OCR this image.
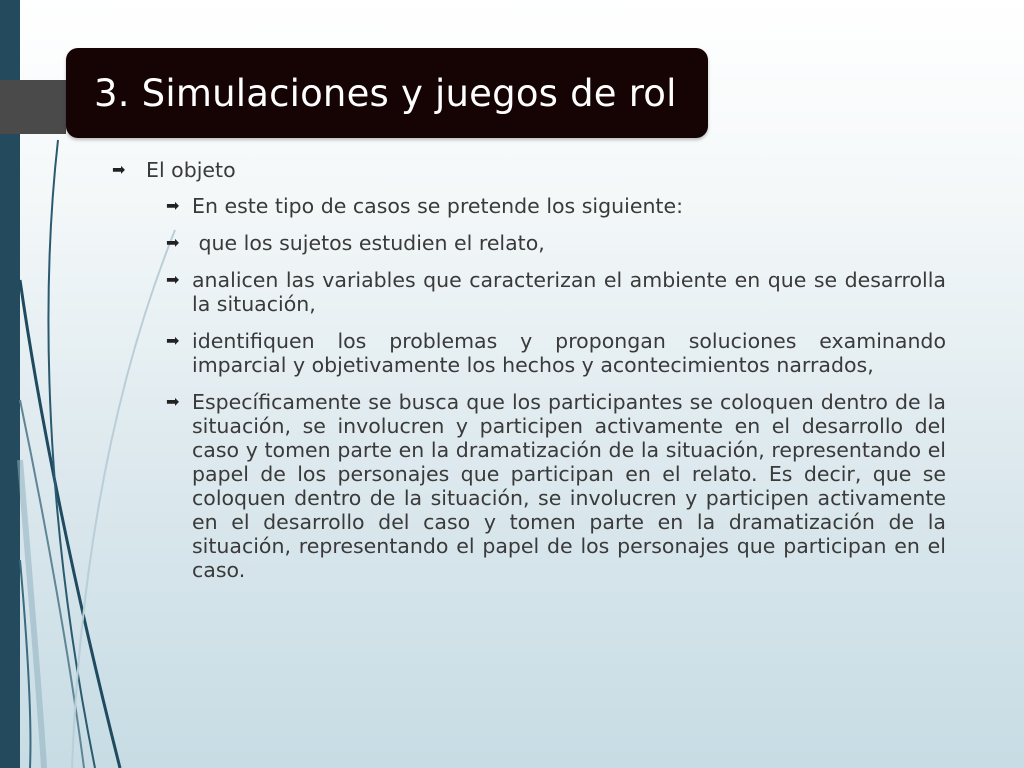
3. Simulaciones y juegos de rol

➡ El objeto

➡ En este tipo de casos se pretende los siguiente:

➡ que los sujetos estudien el relato,

➡ analicen las variables que caracterizan el ambiente en que se desarrolla la situación,

➡ identifiquen los problemas y propongan soluciones examinando imparcial y objetivamente los hechos y acontecimientos narrados,

➡ Específicamente se busca que los participantes se coloquen dentro de la situación, se involucren y participen activamente en el desarrollo del caso y tomen parte en la dramatización de la situación, representando el papel de los personajes que participan en el relato. Es decir, que se coloquen dentro de la situación, se involucren y participen activamente en el desarrollo del caso y tomen parte en la dramatización de la situación, representando el papel de los personajes que participan en el caso.
